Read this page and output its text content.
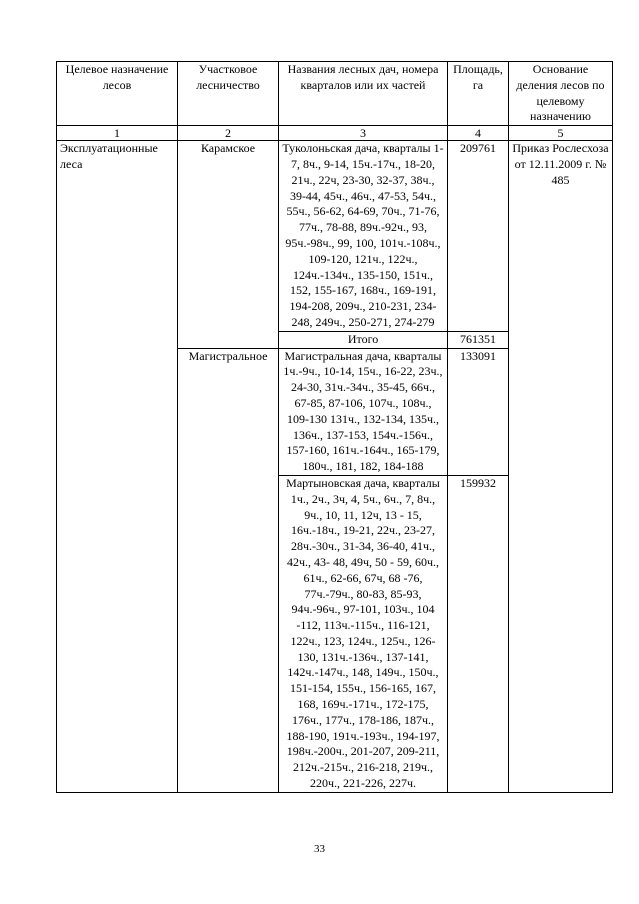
Целевое назначение лесов	Участковое лесничество	Названия лесных дач, номера кварталов или их частей	Площадь, га	Основание деления лесов по целевому назначению
1	2	3	4	5
Эксплуатационные леса	Карамское	Туколоньская дача, кварталы 1-7, 8ч., 9-14, 15ч.-17ч., 18-20, 21ч., 22ч, 23-30, 32-37, 38ч., 39-44, 45ч., 46ч., 47-53, 54ч., 55ч., 56-62, 64-69, 70ч., 71-76, 77ч., 78-88, 89ч.-92ч., 93, 95ч.-98ч., 99, 100, 101ч.-108ч., 109-120, 121ч., 122ч., 124ч.-134ч., 135-150, 151ч., 152, 155-167, 168ч., 169-191, 194-208, 209ч., 210-231, 234-248, 249ч., 250-271, 274-279	209761	Приказ Рослесхоза от 12.11.2009 г. № 485
		Итого	761351	
	Магистральное	Магистральная дача, кварталы 1ч.-9ч., 10-14, 15ч., 16-22, 23ч., 24-30, 31ч.-34ч., 35-45, 66ч., 67-85, 87-106, 107ч., 108ч., 109-130 131ч., 132-134, 135ч., 136ч., 137-153, 154ч.-156ч., 157-160, 161ч.-164ч., 165-179, 180ч., 181, 182, 184-188	133091	
		Мартыновская дача, кварталы 1ч., 2ч., 3ч, 4, 5ч., 6ч., 7, 8ч., 9ч., 10, 11, 12ч, 13 - 15, 16ч.-18ч., 19-21, 22ч., 23-27, 28ч.-30ч., 31-34, 36-40, 41ч., 42ч., 43- 48, 49ч, 50 - 59, 60ч., 61ч., 62-66, 67ч, 68 -76, 77ч.-79ч., 80-83, 85-93, 94ч.-96ч., 97-101, 103ч., 104 -112, 113ч.-115ч., 116-121, 122ч., 123, 124ч., 125ч., 126-130, 131ч.-136ч., 137-141, 142ч.-147ч., 148, 149ч., 150ч., 151-154, 155ч., 156-165, 167, 168, 169ч.-171ч., 172-175, 176ч., 177ч., 178-186, 187ч., 188-190, 191ч.-193ч., 194-197, 198ч.-200ч., 201-207, 209-211, 212ч.-215ч., 216-218, 219ч., 220ч., 221-226, 227ч.	159932	
33
